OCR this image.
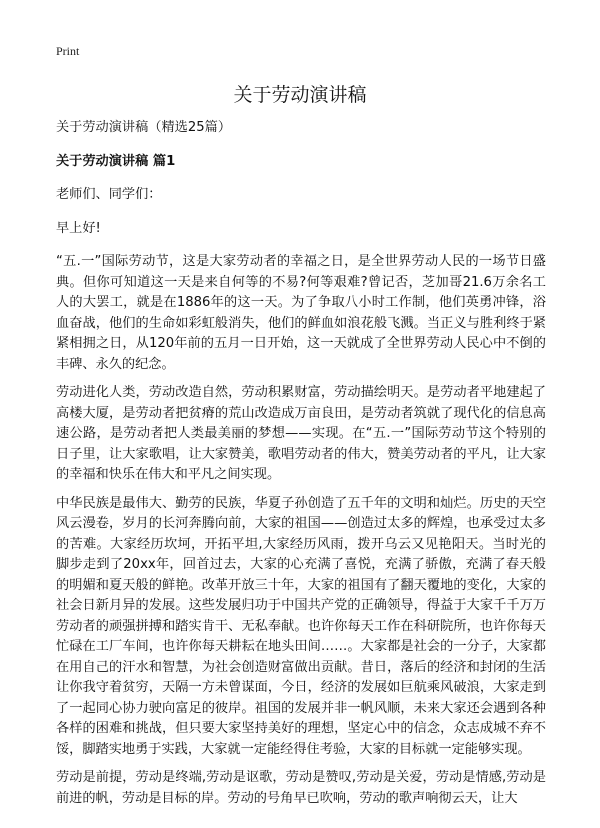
Print
关于劳动演讲稿

关于劳动演讲稿（精选25篇）

关于劳动演讲稿 篇1

老师们、同学们：

早上好!

“五.一”国际劳动节，这是大家劳动者的幸福之日，是全世界劳动人民的一场节日盛典。但你可知道这一天是来自何等的不易?何等艰难?曾记否，芝加哥21.6万余名工人的大罢工，就是在1886年的这一天。为了争取八小时工作制，他们英勇冲锋，浴血奋战，他们的生命如彩虹般消失，他们的鲜血如浪花般飞溅。当正义与胜利终于紧紧相拥之日，从120年前的五月一日开始，这一天就成了全世界劳动人民心中不倒的丰碑、永久的纪念。

劳动进化人类，劳动改造自然，劳动积累财富，劳动描绘明天。是劳动者平地建起了高楼大厦，是劳动者把贫瘠的荒山改造成万亩良田，是劳动者筑就了现代化的信息高速公路，是劳动者把人类最美丽的梦想——实现。在“五.一”国际劳动节这个特别的日子里，让大家歌唱，让大家赞美，歌唱劳动者的伟大，赞美劳动者的平凡，让大家的幸福和快乐在伟大和平凡之间实现。

中华民族是最伟大、勤劳的民族，华夏子孙创造了五千年的文明和灿烂。历史的天空风云漫卷，岁月的长河奔腾向前，大家的祖国——创造过太多的辉煌，也承受过太多的苦难。大家经历坎坷，开拓平坦,大家经历风雨，拨开乌云又见艳阳天。当时光的脚步走到了20xx年，回首过去，大家的心充满了喜悦，充满了骄傲，充满了春天般的明媚和夏天般的鲜艳。改革开放三十年，大家的祖国有了翻天覆地的变化，大家的社会日新月异的发展。这些发展归功于中国共产党的正确领导，得益于大家千千万万劳动者的顽强拼搏和踏实肯干、无私奉献。也许你每天工作在科研院所，也许你每天忙碌在工厂车间，也许你每天耕耘在地头田间……。大家都是社会的一分子，大家都在用自己的汗水和智慧，为社会创造财富做出贡献。昔日，落后的经济和封闭的生活让你我守着贫穷，天隔一方未曾谋面，今日，经济的发展如巨航乘风破浪，大家走到了一起同心协力驶向富足的彼岸。祖国的发展并非一帆风顺，未来大家还会遇到各种各样的困难和挑战，但只要大家坚持美好的理想，坚定心中的信念，众志成城不弃不馁，脚踏实地勇于实践，大家就一定能经得住考验，大家的目标就一定能够实现。

劳动是前提，劳动是终端,劳动是讴歌，劳动是赞叹,劳动是关爱，劳动是情感,劳动是前进的帆，劳动是目标的岸。劳动的号角早已吹响，劳动的歌声响彻云天，让大
